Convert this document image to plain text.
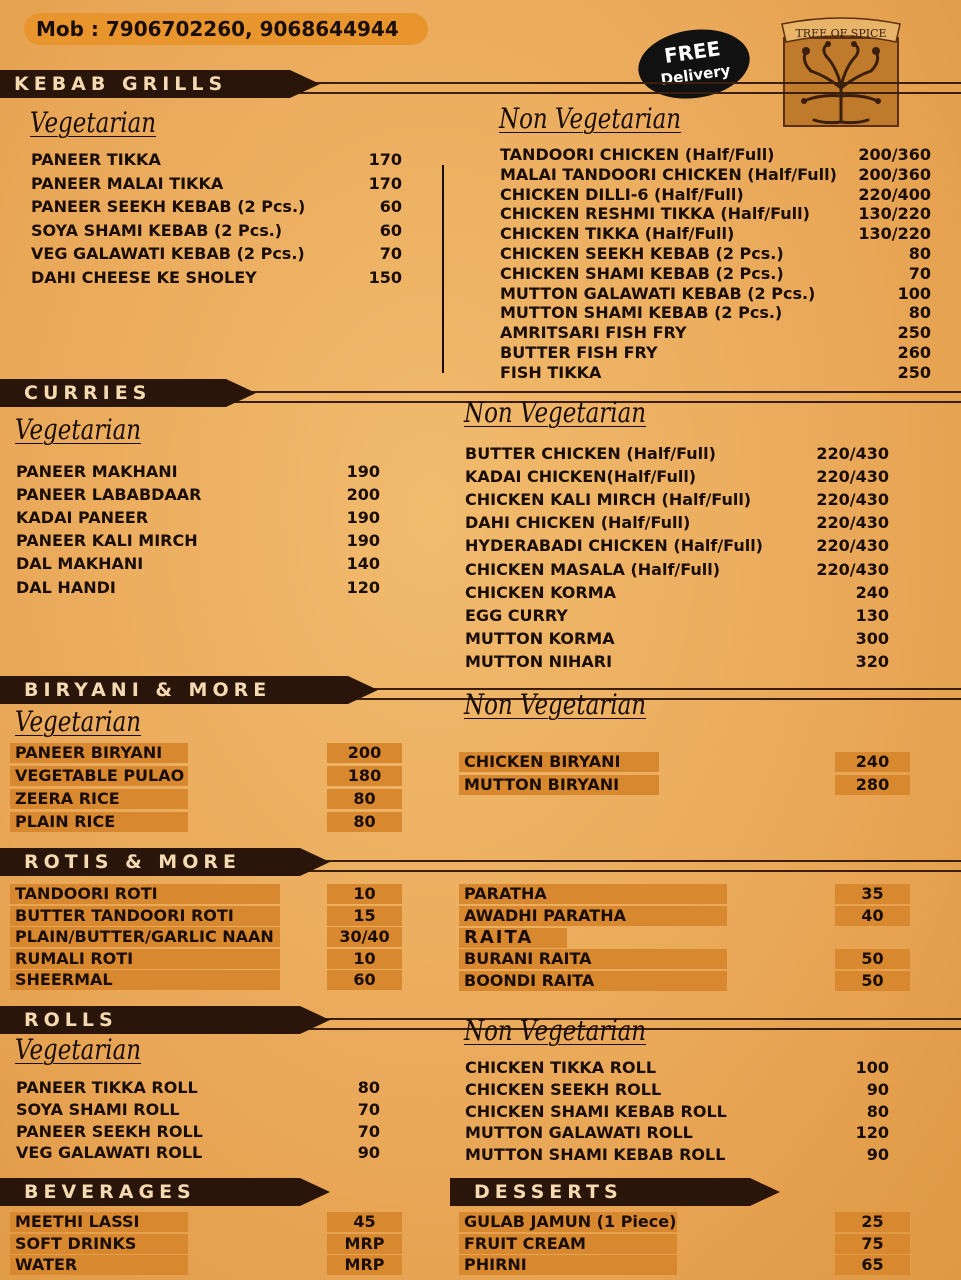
Mob : 7906702260, 9068644944
FREE
Delivery
TREE OF SPICE
KEBAB GRILLS
CURRIES
BIRYANI & MORE
ROTIS & MORE
ROLLS
BEVERAGES	DESSERTS
Vegetarian	Non Vegetarian
Vegetarian
Non Vegetarian
Vegetarian
Non Vegetarian
Vegetarian
Non Vegetarian
RAITA
PANEER TIKKA	170
PANEER MALAI TIKKA	170
PANEER SEEKH KEBAB (2 Pcs.)	60
SOYA SHAMI KEBAB (2 Pcs.)	60
VEG GALAWATI KEBAB (2 Pcs.)	70
DAHI CHEESE KE SHOLEY	150
TANDOORI CHICKEN (Half/Full)	200/360
MALAI TANDOORI CHICKEN (Half/Full)	200/360
CHICKEN DILLI-6 (Half/Full)	220/400
CHICKEN RESHMI TIKKA (Half/Full)	130/220
CHICKEN TIKKA (Half/Full)	130/220
CHICKEN SEEKH KEBAB (2 Pcs.)	80
CHICKEN SHAMI KEBAB (2 Pcs.)	70
MUTTON GALAWATI KEBAB (2 Pcs.)	100
MUTTON SHAMI KEBAB (2 Pcs.)	80
AMRITSARI FISH FRY	250
BUTTER FISH FRY	260
FISH TIKKA	250
PANEER MAKHANI	190
PANEER LABABDAAR	200
KADAI PANEER	190
PANEER KALI MIRCH	190
DAL MAKHANI	140
DAL HANDI	120
BUTTER CHICKEN (Half/Full)	220/430
KADAI CHICKEN(Half/Full)	220/430
CHICKEN KALI MIRCH (Half/Full)	220/430
DAHI CHICKEN (Half/Full)	220/430
HYDERABADI CHICKEN (Half/Full)	220/430
CHICKEN MASALA (Half/Full)	220/430
CHICKEN KORMA	240
EGG CURRY	130
MUTTON KORMA	300
MUTTON NIHARI	320
PANEER BIRYANI	200
VEGETABLE PULAO	180
ZEERA RICE	80
PLAIN RICE	80
CHICKEN BIRYANI	240
MUTTON BIRYANI	280
TANDOORI ROTI	10
BUTTER TANDOORI ROTI	15
PLAIN/BUTTER/GARLIC NAAN	30/40
RUMALI ROTI	10
SHEERMAL	60
PARATHA	35
AWADHI PARATHA	40
BURANI RAITA	50
BOONDI RAITA	50
PANEER TIKKA ROLL	80
SOYA SHAMI ROLL	70
PANEER SEEKH ROLL	70
VEG GALAWATI ROLL	90
CHICKEN TIKKA ROLL	100
CHICKEN SEEKH ROLL	90
CHICKEN SHAMI KEBAB ROLL	80
MUTTON GALAWATI ROLL	120
MUTTON SHAMI KEBAB ROLL	90
MEETHI LASSI	45
SOFT DRINKS	MRP
WATER	MRP
GULAB JAMUN (1 Piece)	25
FRUIT CREAM	75
PHIRNI	65
